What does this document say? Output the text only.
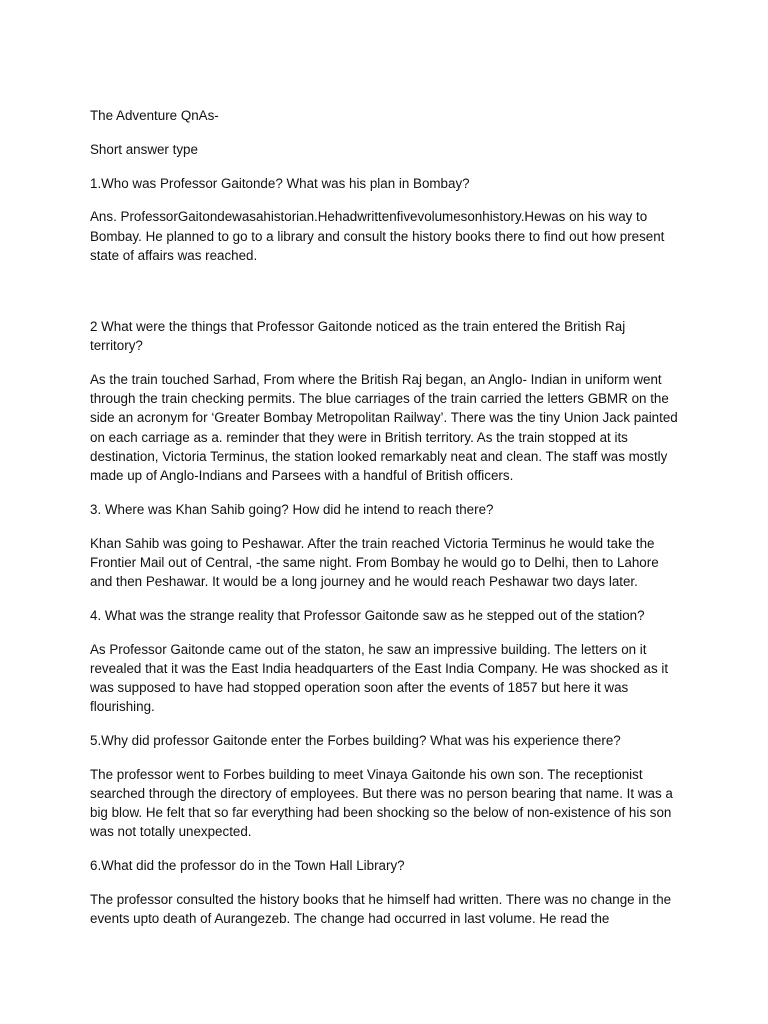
The Adventure QnAs-

Short answer type

1.Who was Professor Gaitonde? What was his plan in Bombay?

Ans. ProfessorGaitondewasahistorian.Hehadwrittenfivevolumesonhistory.Hewas on his way to Bombay. He planned to go to a library and consult the history books there to find out how present state of affairs was reached.

2 What were the things that Professor Gaitonde noticed as the train entered the British Raj territory?

As the train touched Sarhad, From where the British Raj began, an Anglo- Indian in uniform went through the train checking permits. The blue carriages of the train carried the letters GBMR on the side an acronym for ‘Greater Bombay Metropolitan Railway’. There was the tiny Union Jack painted on each carriage as a. reminder that they were in British territory. As the train stopped at its destination, Victoria Terminus, the station looked remarkably neat and clean. The staff was mostly made up of Anglo-Indians and Parsees with a handful of British officers.

3. Where was Khan Sahib going? How did he intend to reach there?

Khan Sahib was going to Peshawar. After the train reached Victoria Terminus he would take the Frontier Mail out of Central, -the same night. From Bombay he would go to Delhi, then to Lahore and then Peshawar. It would be a long journey and he would reach Peshawar two days later.

4. What was the strange reality that Professor Gaitonde saw as he stepped out of the station?

As Professor Gaitonde came out of the staton, he saw an impressive building. The letters on it revealed that it was the East India headquarters of the East India Company. He was shocked as it was supposed to have had stopped operation soon after the events of 1857 but here it was flourishing.

5.Why did professor Gaitonde enter the Forbes building? What was his experience there?

The professor went to Forbes building to meet Vinaya Gaitonde his own son. The receptionist searched through the directory of employees. But there was no person bearing that name. It was a big blow. He felt that so far everything had been shocking so the below of non-existence of his son was not totally unexpected.

6.What did the professor do in the Town Hall Library?

The professor consulted the history books that he himself had written. There was no change in the events upto death of Aurangezeb. The change had occurred in last volume. He read the
